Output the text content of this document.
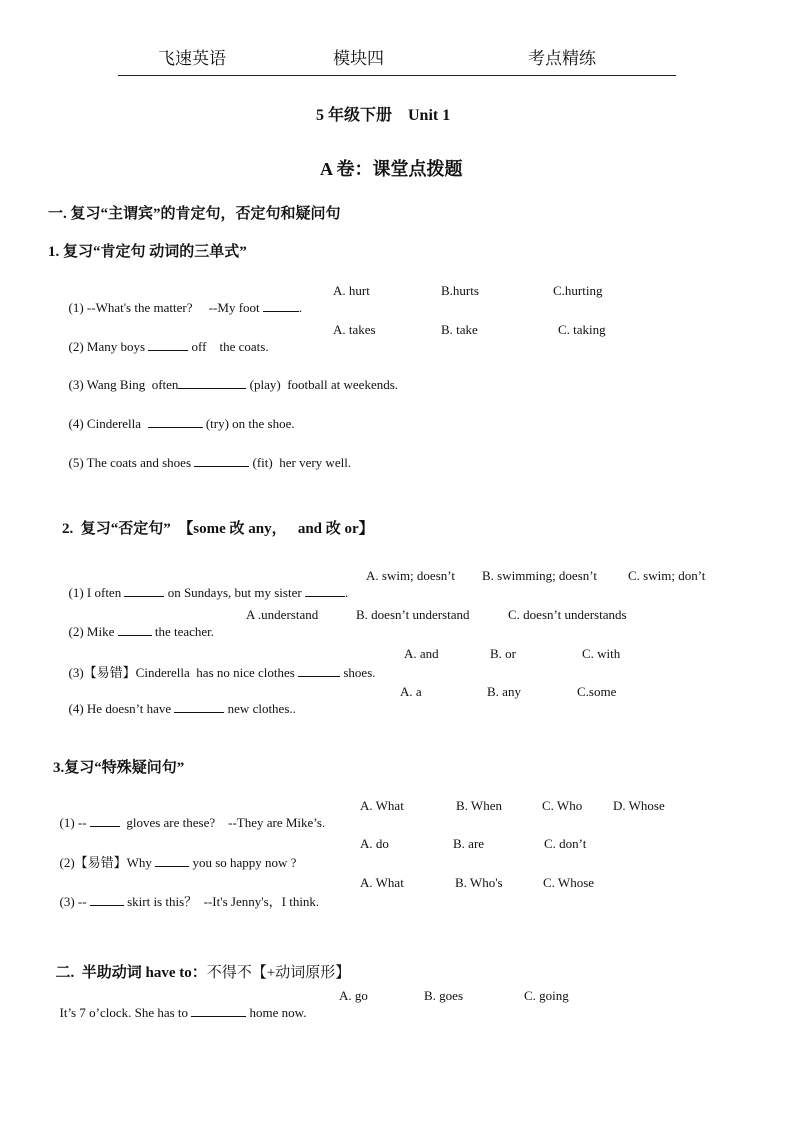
飞速英语	模块四	考点精练
5 年级下册    Unit 1
A 卷：课堂点拨题
一. 复习“主谓宾”的肯定句，否定句和疑问句
1. 复习“肯定句 动词的三单式”

(1) --What's the matter?     --My foot	.

A. hurt	B.hurts	C.hurting

(2) Many boys	off    the coats.

A. takes	B. take	C. taking

(3) Wang Bing  often	(play)  football at weekends.

(4) Cinderella	(try) on the shoe.

(5) The coats and shoes	(fit)  her very well.

2.  复习“否定句”  【some 改 any，   and 改 or】

(1) I often	on Sundays, but my sister	.

A. swim; doesn’t B. swimming; doesn’t C. swim; don’t

(2) Mike	the teacher.

A .understand	B. doesn’t understand	C. doesn’t understands

(3)【易错】Cinderella  has no nice clothes	shoes.

A. and	B. or	C. with

(4) He doesn’t have	new clothes..

A. a	B. any	C.some
3.复习“特殊疑问句”

(1) --   gloves are these?    --They are Mike’s.

A. What	B. When	C. Who D. Whose

(2)【易错】Why	you so happy now ?

A. do	B. are	C. don’t

(3) --	skirt is this？  --It's Jenny's，I think.

A. What	B. Who's	C. Whose

二.  半助动词 have to：不得不【+动词原形】

It’s 7 o’clock. She has to	home now.

A. go	B. goes	C. going
